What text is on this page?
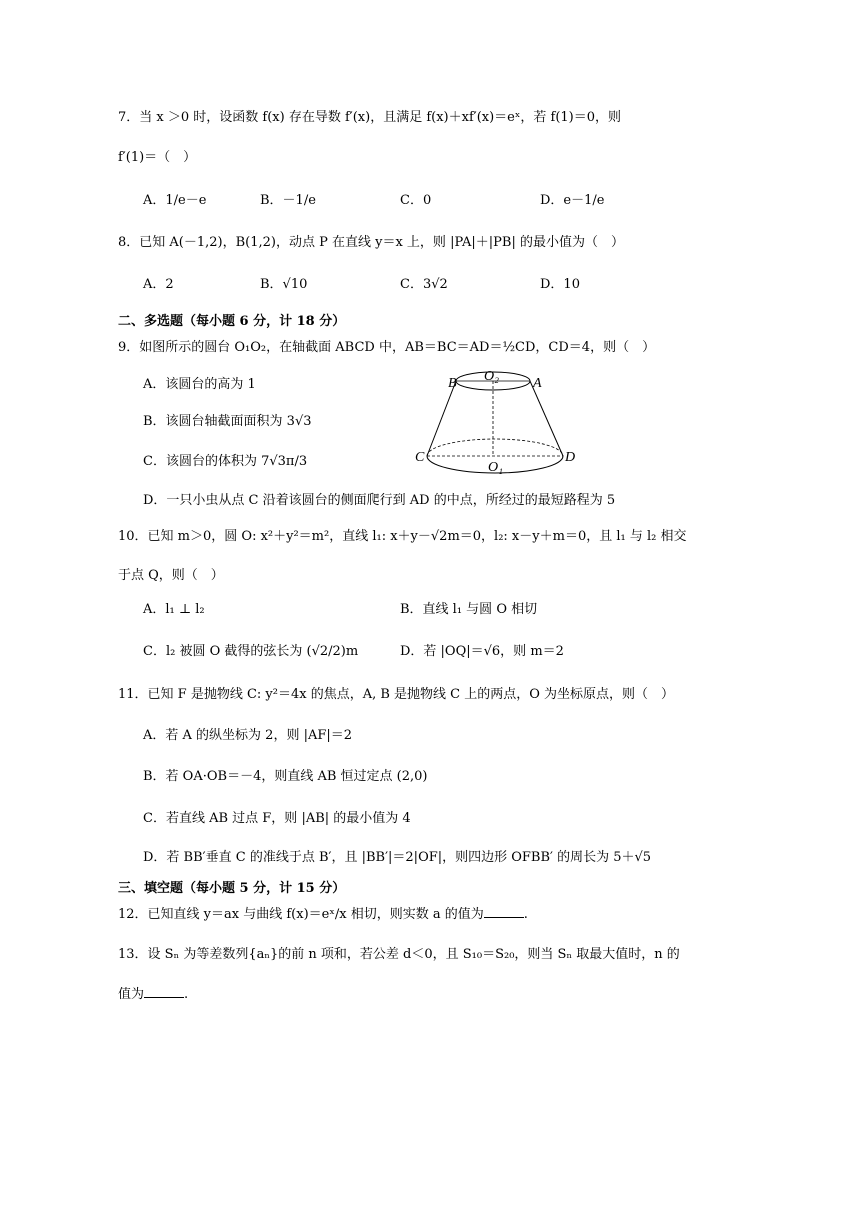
7．当 x ＞0 时，设函数 f(x) 存在导数 f′(x)，且满足 f(x)＋xf′(x)＝eˣ，若 f(1)＝0，则
f′(1)＝（　）
A．1/e－e	B．－1/e	C．0	D．e－1/e
8．已知 A(－1,2)，B(1,2)，动点 P 在直线 y＝x 上，则 |PA|＋|PB| 的最小值为（　）
A．2	B．√10	C．3√2	D．10
二、多选题（每小题 6 分，计 18 分）
9．如图所示的圆台 O₁O₂，在轴截面 ABCD 中，AB＝BC＝AD＝½CD，CD＝4，则（　）
A．该圆台的高为 1
B．该圆台轴截面面积为 3√3
C．该圆台的体积为 7√3π/3
D．一只小虫从点 C 沿着该圆台的侧面爬行到 AD 的中点，所经过的最短路程为 5
B O₂ A
C
O₁
D
10．已知 m＞0，圆 O: x²＋y²＝m²，直线 l₁: x＋y－√2m＝0，l₂: x－y＋m＝0，且 l₁ 与 l₂ 相交
于点 Q，则（　）
A．l₁ ⊥ l₂	B．直线 l₁ 与圆 O 相切
C．l₂ 被圆 O 截得的弦长为 (√2/2)m	D．若 |OQ|＝√6，则 m＝2
11．已知 F 是抛物线 C: y²＝4x 的焦点，A, B 是抛物线 C 上的两点，O 为坐标原点，则（　）
A．若 A 的纵坐标为 2，则 |AF|＝2
B．若 OA·OB＝－4，则直线 AB 恒过定点 (2,0)
C．若直线 AB 过点 F，则 |AB| 的最小值为 4
D．若 BB′垂直 C 的准线于点 B′，且 |BB′|＝2|OF|，则四边形 OFBB′ 的周长为 5＋√5
三、填空题（每小题 5 分，计 15 分）
12．已知直线 y＝ax 与曲线 f(x)＝eˣ/x 相切，则实数 a 的值为	.
13．设 Sₙ 为等差数列{aₙ}的前 n 项和，若公差 d＜0，且 S₁₀＝S₂₀，则当 Sₙ 取最大值时，n 的
值为	.
